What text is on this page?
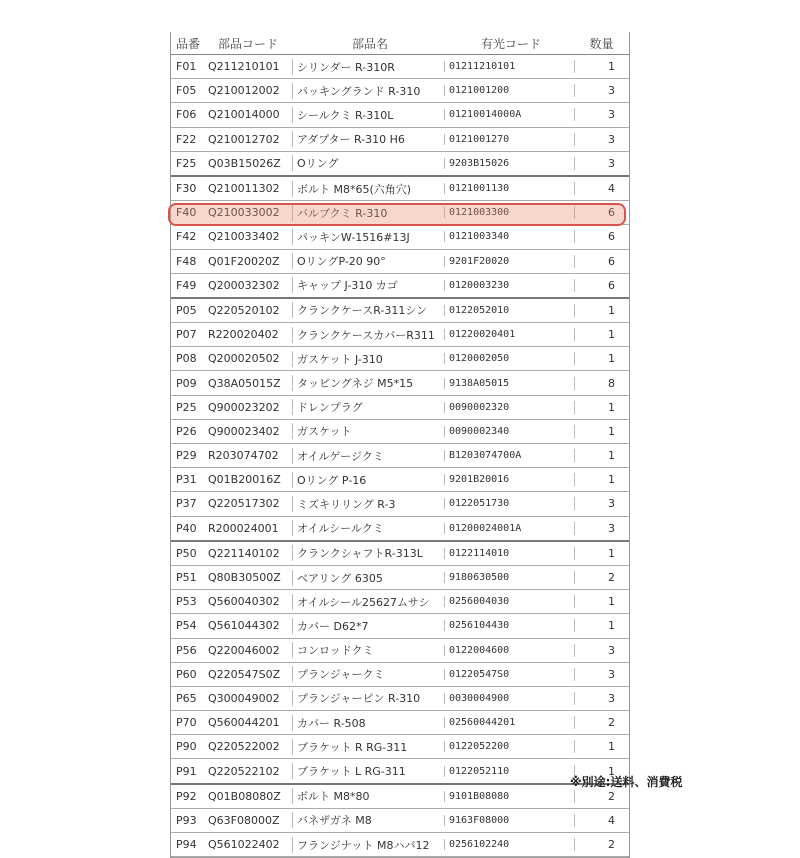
品番	部品コード	部品名	有光コード	数量
F01	Q211210101	シリンダー R-310R	01211210101	1
F05	Q210012002	パッキングランド R-310	0121001200	3
F06	Q210014000	シールクミ R-310L	01210014000A	3
F22	Q210012702	アダプター R-310 H6	0121001270	3
F25	Q03B15026Z	Oリング	9203B15026	3
F30	Q210011302	ボルト M8*65(六角穴)	0121001130	4
F40	Q210033002	バルブクミ R-310	0121003300	6
F42	Q210033402	パッキンW-1516#13J	0121003340	6
F48	Q01F20020Z	OリングP-20 90°	9201F20020	6
F49	Q200032302	キャップ J-310 カゴ	0120003230	6
P05	Q220520102	クランクケースR-311シン	0122052010	1
P07	R220020402	クランクケースカバーR311	01220020401	1
P08	Q200020502	ガスケット J-310	0120002050	1
P09	Q38A05015Z	タッピングネジ M5*15	9138A05015	8
P25	Q900023202	ドレンプラグ	0090002320	1
P26	Q900023402	ガスケット	0090002340	1
P29	R203074702	オイルゲージクミ	B1203074700A	1
P31	Q01B20016Z	Oリング P-16	9201B20016	1
P37	Q220517302	ミズキリリング R-3	0122051730	3
P40	R200024001	オイルシールクミ	01200024001A	3
P50	Q221140102	クランクシャフトR-313L	0122114010	1
P51	Q80B30500Z	ベアリング 6305	9180630500	2
P53	Q560040302	オイルシール25627ムサシ	0256004030	1
P54	Q561044302	カバー D62*7	0256104430	1
P56	Q220046002	コンロッドクミ	0122004600	3
P60	Q220547S0Z	プランジャークミ	01220547S0	3
P65	Q300049002	プランジャーピン R-310	0030004900	3
P70	Q560044201	カバー R-508	02560044201	2
P90	Q220522002	ブラケット R RG-311	0122052200	1
P91	Q220522102	ブラケット L RG-311	0122052110	1
P92	Q01B08080Z	ボルト M8*80	9101B08080	2
P93	Q63F08000Z	バネザガネ M8	9163F08000	4
P94	Q561022402	フランジナット M8ハバ12	0256102240	2
※別途:送料、消費税
